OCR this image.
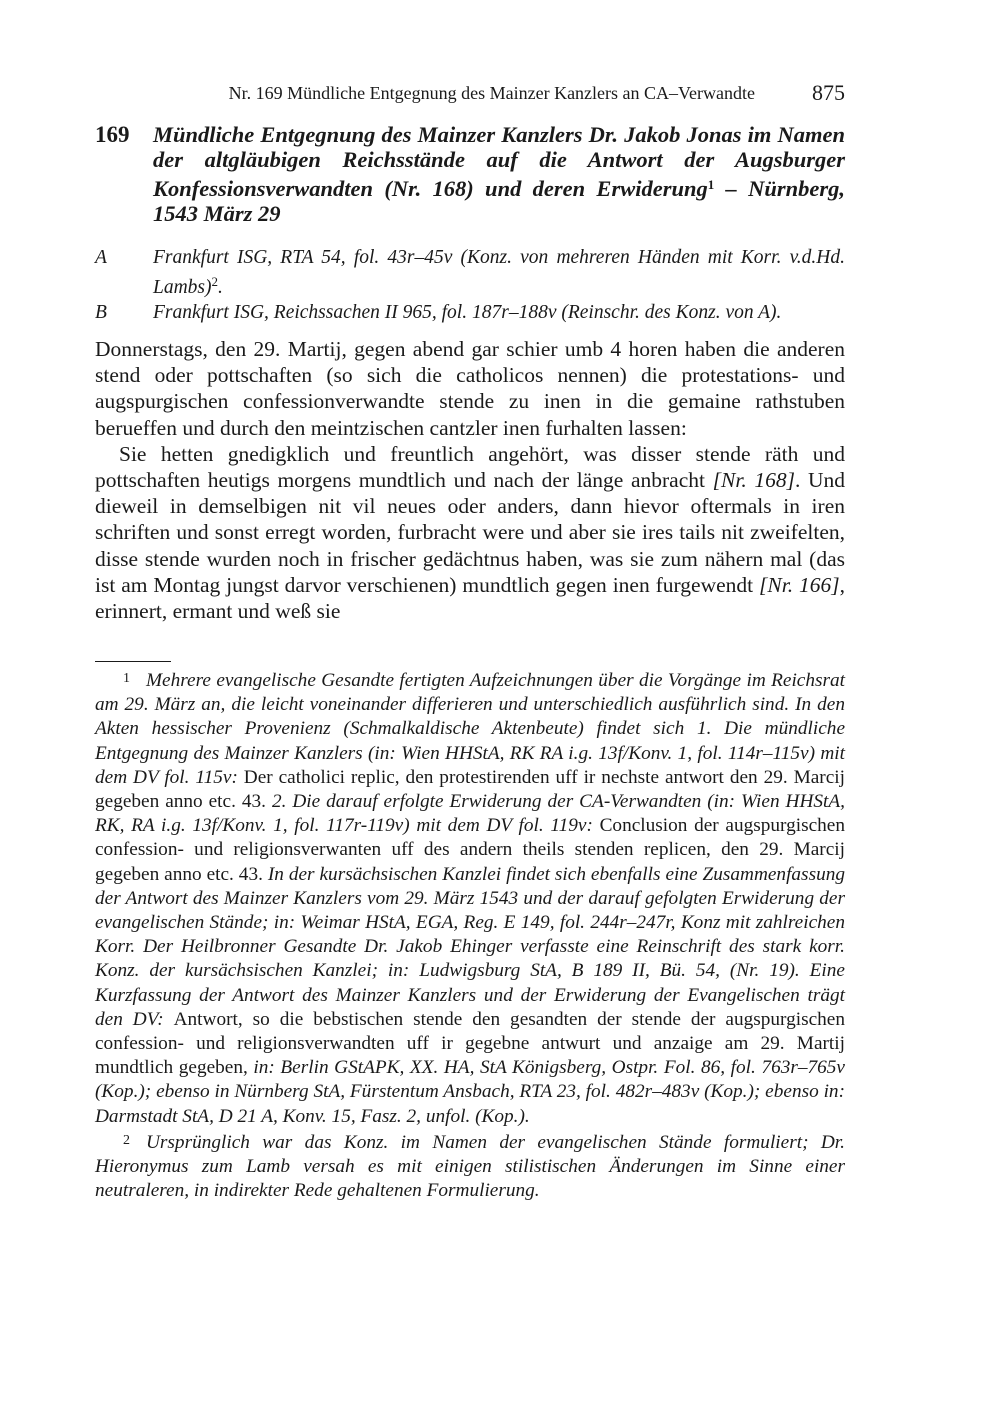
Nr. 169 Mündliche Entgegnung des Mainzer Kanzlers an CA–Verwandte	875
169 Mündliche Entgegnung des Mainzer Kanzlers Dr. Jakob Jonas im Namen der altgläubigen Reichsstände auf die Antwort der Augsburger Konfessionsverwandten (Nr. 168) und deren Erwiderung$^1$ – Nürnberg, 1543 März 29
A Frankfurt ISG, RTA 54, fol. 43r–45v (Konz. von mehreren Händen mit Korr. v.d.Hd. Lambs)$^2$.
B Frankfurt ISG, Reichssachen II 965, fol. 187r–188v (Reinschr. des Konz. von A).

Donnerstags, den 29. Martij, gegen abend gar schier umb 4 horen haben die anderen stend oder pottschaften (so sich die catholicos nennen) die protestations- und augspurgischen confessionverwandte stende zu inen in die gemaine rathstuben berueffen und durch den meintzischen cantzler inen furhalten lassen:

Sie hetten gnedigklich und freuntlich angehört, was disser stende räth und pottschaften heutigs morgens mundtlich und nach der länge anbracht [Nr. 168]. Und dieweil in demselbigen nit vil neues oder anders, dann hievor oftermals in iren schriften und sonst erregt worden, furbracht were und aber sie ires tails nit zweifelten, disse stende wurden noch in frischer gedächtnus haben, was sie zum nähern mal (das ist am Montag jungst darvor verschienen) mundtlich gegen inen furgewendt [Nr. 166], erinnert, ermant und weß sie

$^1$ Mehrere evangelische Gesandte fertigten Aufzeichnungen über die Vorgänge im Reichsrat am 29. März an, die leicht voneinander differieren und unterschiedlich ausführlich sind. In den Akten hessischer Provenienz (Schmalkaldische Aktenbeute) findet sich 1. Die mündliche Entgegnung des Mainzer Kanzlers (in: Wien HHStA, RK RA i.g. 13f/Konv. 1, fol. 114r–115v) mit dem DV fol. 115v: Der catholici replic, den protestirenden uff ir nechste antwort den 29. Marcij gegeben anno etc. 43. 2. Die darauf erfolgte Erwiderung der CA-Verwandten (in: Wien HHStA, RK, RA i.g. 13f/Konv. 1, fol. 117r-119v) mit dem DV fol. 119v: Conclusion der augspurgischen confession- und religionsverwanten uff des andern theils stenden replicen, den 29. Marcij gegeben anno etc. 43. In der kursächsischen Kanzlei findet sich ebenfalls eine Zusammenfassung der Antwort des Mainzer Kanzlers vom 29. März 1543 und der darauf gefolgten Erwiderung der evangelischen Stände; in: Weimar HStA, EGA, Reg. E 149, fol. 244r–247r, Konz mit zahlreichen Korr. Der Heilbronner Gesandte Dr. Jakob Ehinger verfasste eine Reinschrift des stark korr. Konz. der kursächsischen Kanzlei; in: Ludwigsburg StA, B 189 II, Bü. 54, (Nr. 19). Eine Kurzfassung der Antwort des Mainzer Kanzlers und der Erwiderung der Evangelischen trägt den DV: Antwort, so die bebstischen stende den gesandten der stende der augspurgischen confession- und religionsverwandten uff ir gegebne antwurt und anzaige am 29. Martij mundtlich gegeben, in: Berlin GStAPK, XX. HA, StA Königsberg, Ostpr. Fol. 86, fol. 763r–765v (Kop.); ebenso in Nürnberg StA, Fürstentum Ansbach, RTA 23, fol. 482r–483v (Kop.); ebenso in: Darmstadt StA, D 21 A, Konv. 15, Fasz. 2, unfol. (Kop.).

$^2$ Ursprünglich war das Konz. im Namen der evangelischen Stände formuliert; Dr. Hieronymus zum Lamb versah es mit einigen stilistischen Änderungen im Sinne einer neutraleren, in indirekter Rede gehaltenen Formulierung.
